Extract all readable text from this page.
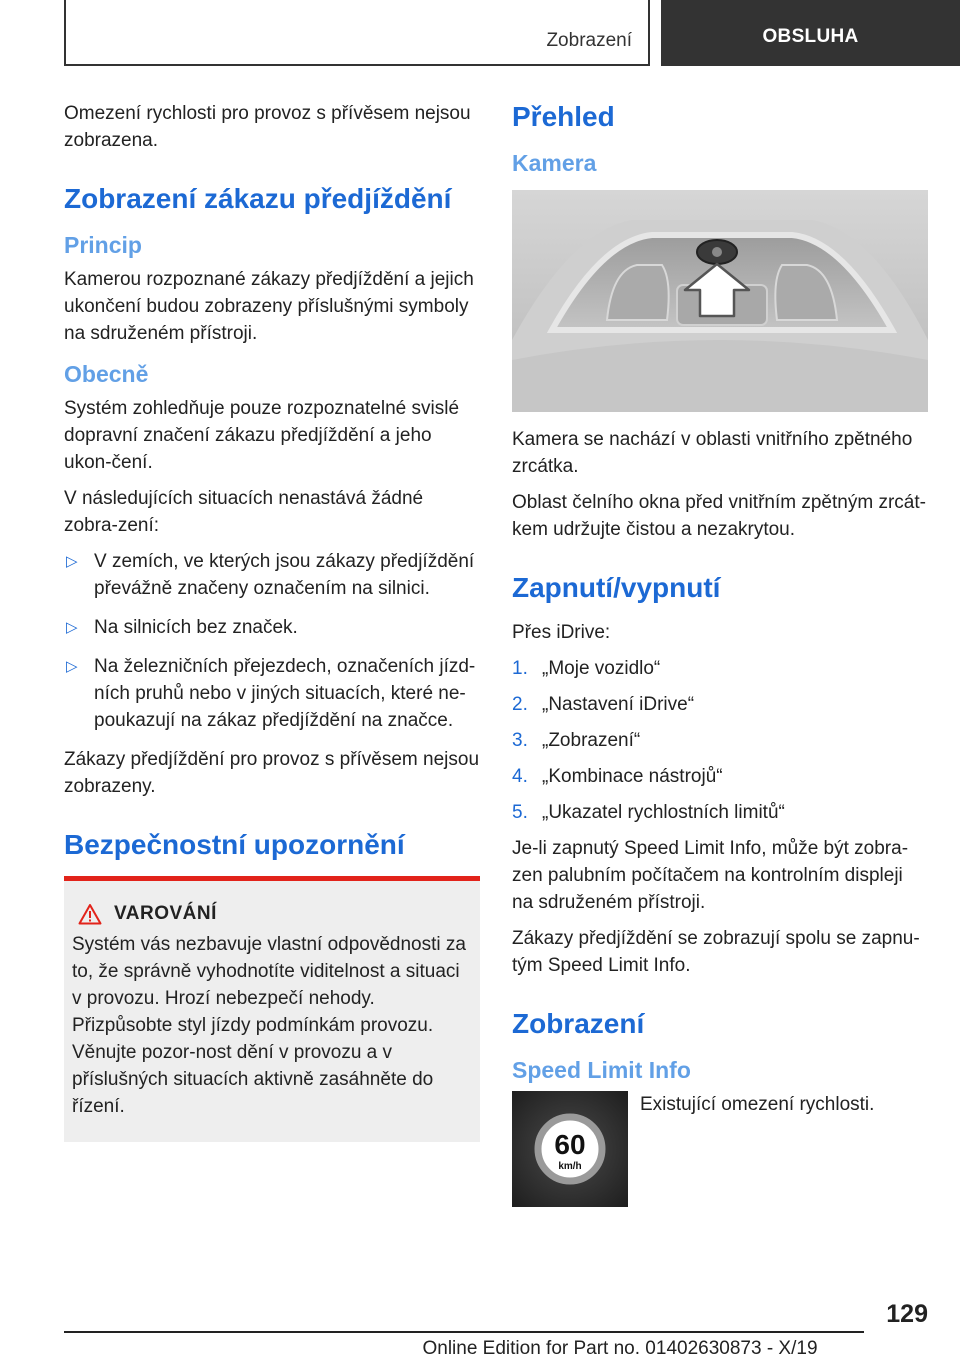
Zobrazení	OBSLUHA

Omezení rychlosti pro provoz s přívěsem nejsou zobrazena.

Zobrazení zákazu předjíždění
Princip

Kamerou rozpoznané zákazy předjíždění a jejich ukončení budou zobrazeny příslušnými symboly na sdruženém přístroji.

Obecně

Systém zohledňuje pouze rozpoznatelné svislé dopravní značení zákazu předjíždění a jeho ukon‐čení.

V následujících situacích nenastává žádné zobra‐zení:

▷ V zemích, ve kterých jsou zákazy předjíždění převážně značeny označením na silnici.
▷ Na silnicích bez značek.
▷ Na železničních přejezdech, označeních jízd‐ních pruhů nebo v jiných situacích, které ne‐poukazují na zákaz předjíždění na značce.

Zákazy předjíždění pro provoz s přívěsem nejsou zobrazeny.

Bezpečnostní upozornění
VAROVÁNÍ

Systém vás nezbavuje vlastní odpovědnosti za to, že správně vyhodnotíte viditelnost a situaci v provozu. Hrozí nebezpečí nehody. Přizpůsobte styl jízdy podmínkám provozu. Věnujte pozor‐nost dění v provozu a v příslušných situacích aktivně zasáhněte do řízení.

Přehled
Kamera

Kamera se nachází v oblasti vnitřního zpětného zrcátka.

Oblast čelního okna před vnitřním zpětným zrcát‐kem udržujte čistou a nezakrytou.

Zapnutí/vypnutí

Přes iDrive:

1. „Moje vozidlo“
2. „Nastavení iDrive“
3. „Zobrazení“
4. „Kombinace nástrojů“
5. „Ukazatel rychlostních limitů“

Je-li zapnutý Speed Limit Info, může být zobra‐zen palubním počítačem na kontrolním displeji na sdruženém přístroji.

Zákazy předjíždění se zobrazují spolu se zapnu‐tým Speed Limit Info.

Zobrazení
Speed Limit Info
60
km/h

Existující omezení rychlosti.

129
Online Edition for Part no. 01402630873 - X/19
